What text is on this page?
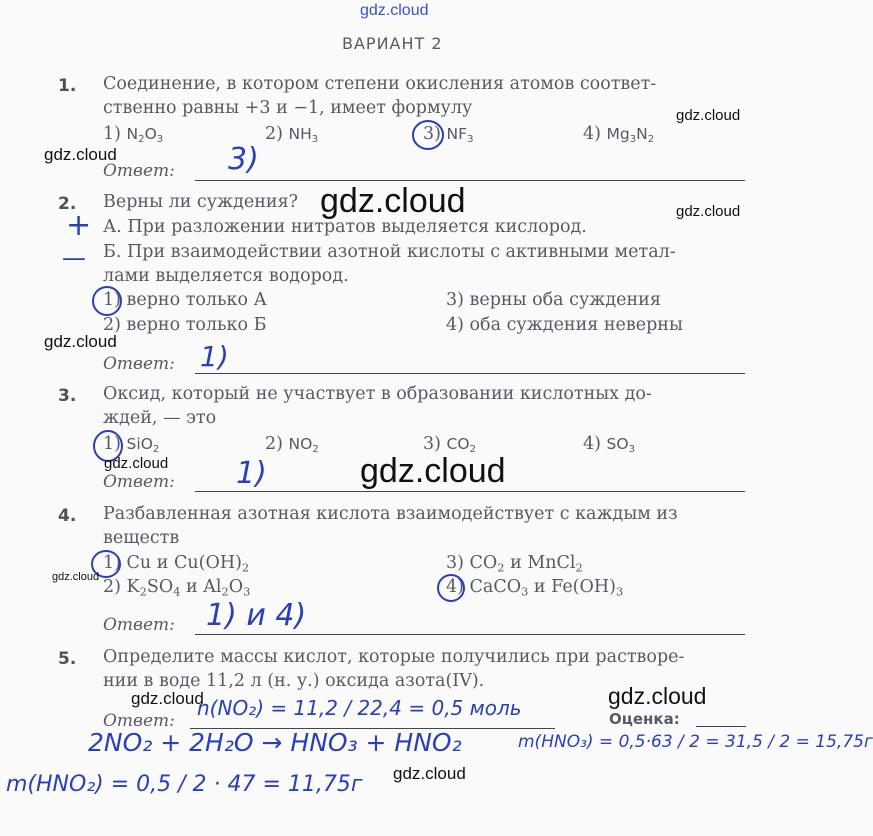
gdz.cloud
ВАРИАНТ 2
1. Соединение, в котором степени окисления атомов соответ-
ственно равны +3 и −1, имеет формулу
1) $N_2O_3$	2) $NH_3$	3) $NF_3$	4) $Mg_3N_2$
Ответ: 3)
2. Верны ли суждения?
А. При разложении нитратов выделяется кислород.
Б. При взаимодействии азотной кислоты с активными метал-
лами выделяется водород.
+
—
1) верно только А	3) верны оба суждения
2) верно только Б	4) оба суждения неверны
Ответ: 1)
3. Оксид, который не участвует в образовании кислотных до-
ждей, — это
1) SiO$_2$	2) $NO_2$	3) $CO_2$	4) $SO_3$
Ответ: 1)
4. Разбавленная азотная кислота взаимодействует с каждым из
веществ
1) Cu и $Cu(OH)_2$	3) $CO_2$ и MnCl$_2$
2) $K_2SO_4$ и $Al_2O_3$	4) CaCO$_3$ и $Fe(OH)_3$
Ответ: 1) и 4)
5. Определите массы кислот, которые получились при растворе-
нии в воде 11,2 л (н. у.) оксида азота(IV).
Ответ:
n(NO₂) = 11,2 / 22,4 = 0,5 моль	Оценка:
2NO₂ + 2H₂O → HNO₃ + HNO₂	m(HNO₃) = 0,5·63 / 2 = 31,5 / 2 = 15,75г
m(HNO₂) = 0,5 / 2 · 47 = 11,75г
gdz.cloud
gdz.cloud
gdz.cloud	gdz.cloud
gdz.cloud
gdz.cloud	gdz.cloud
gdz.cloud
gdz.cloud	gdz.cloud
gdz.cloud
